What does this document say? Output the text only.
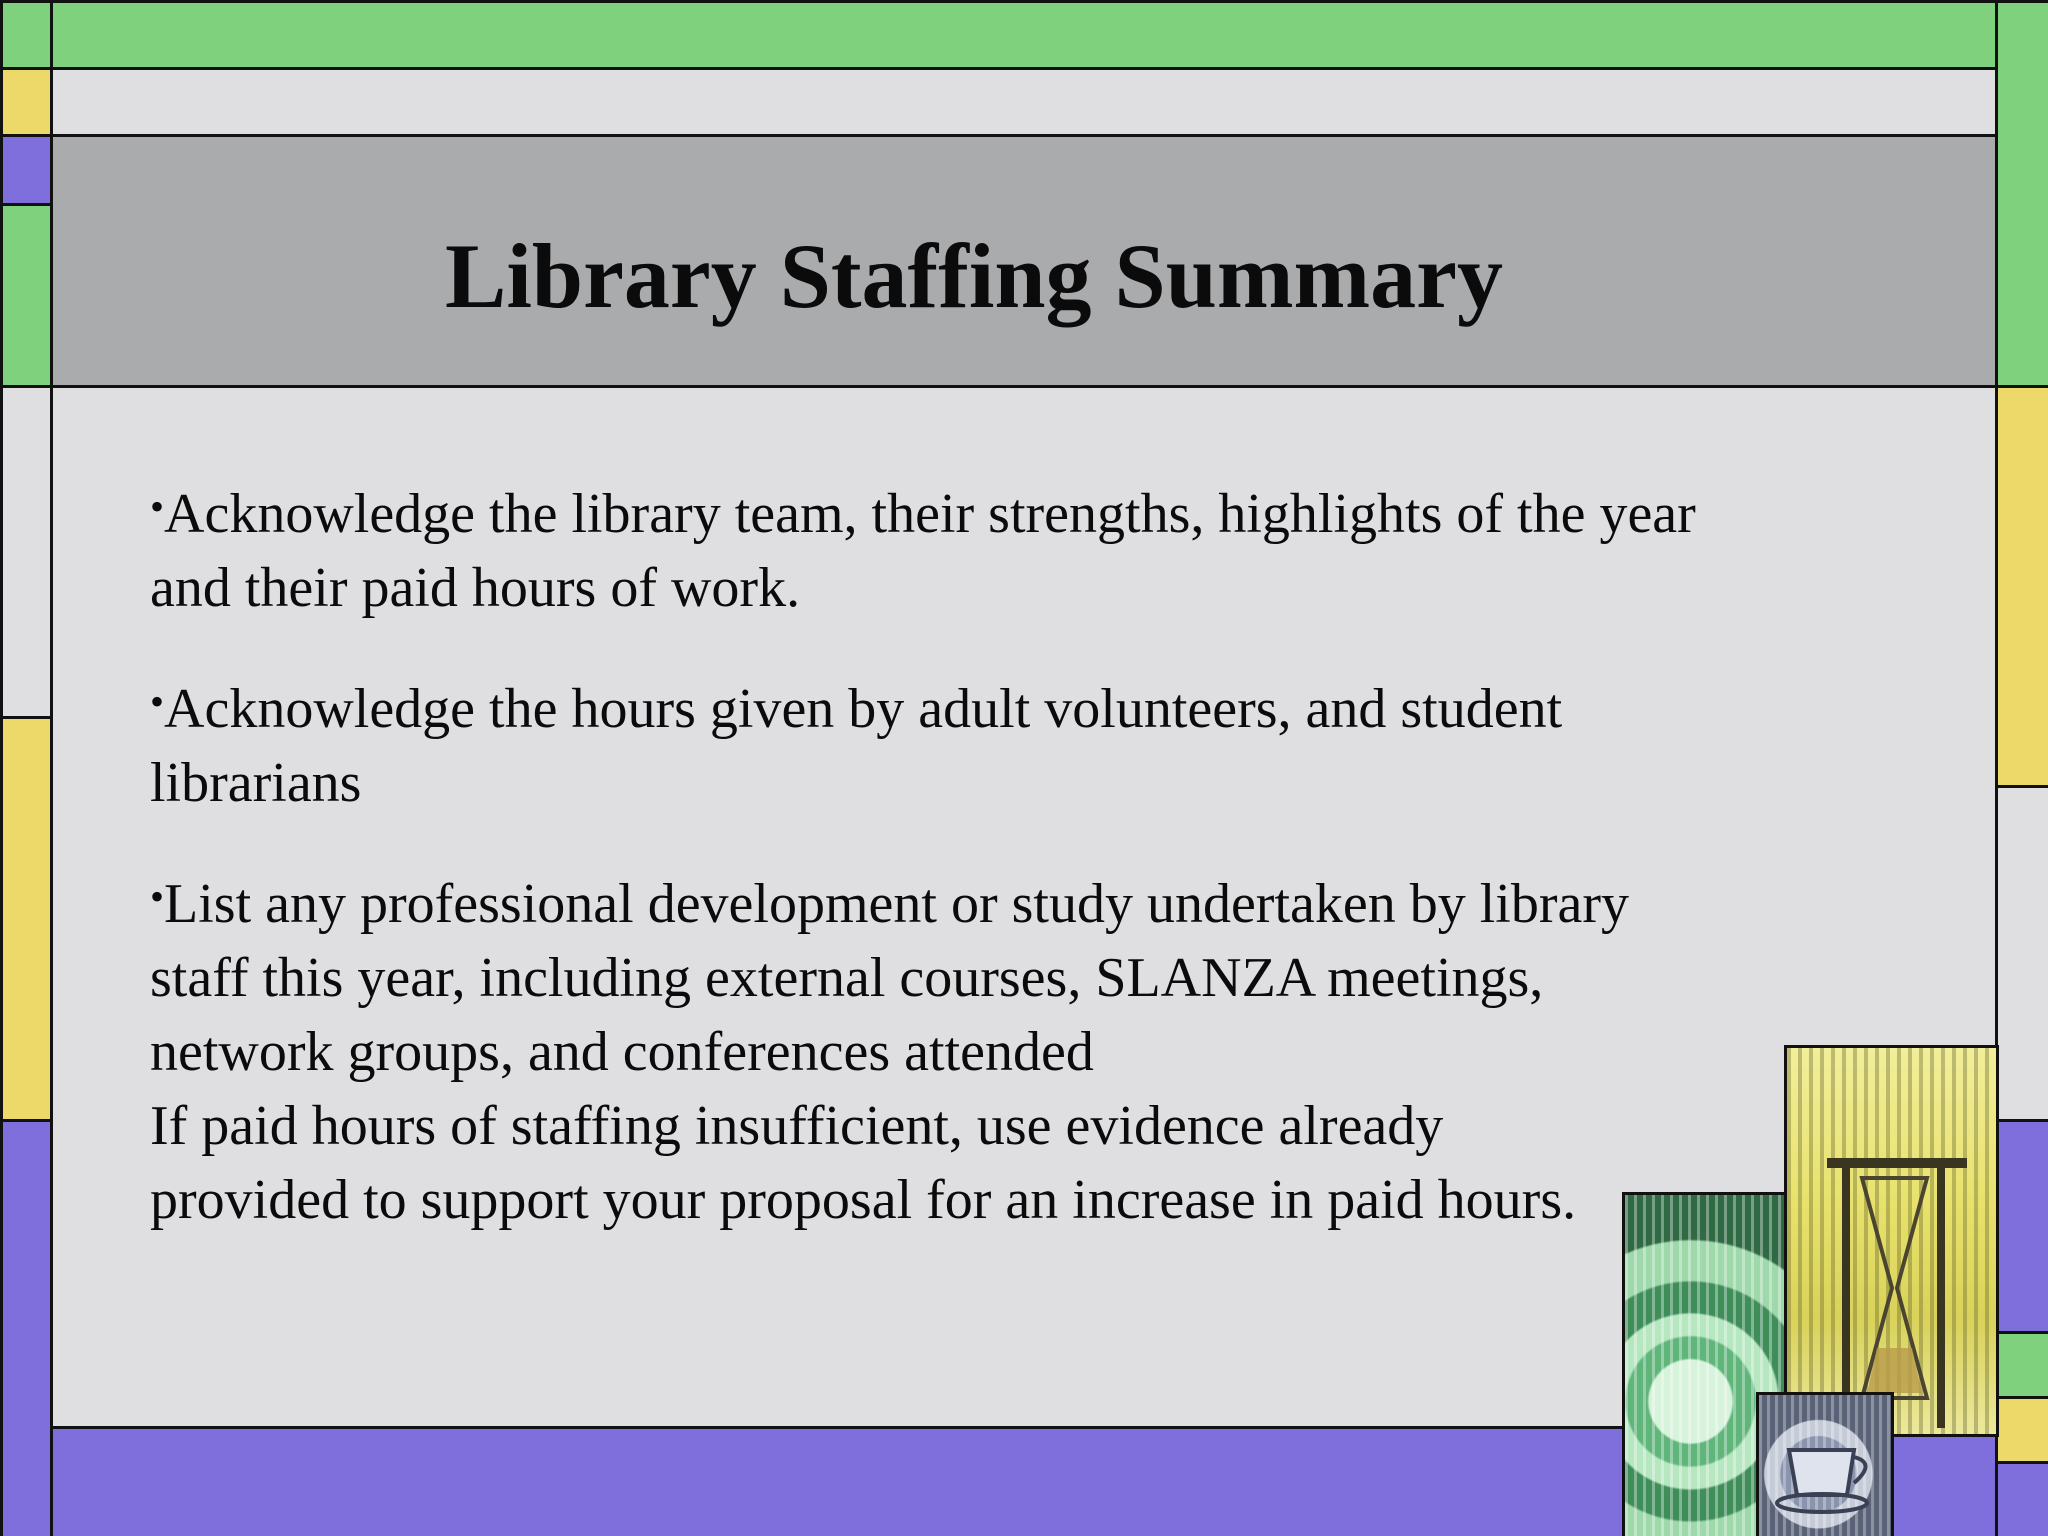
Library Staffing Summary

•Acknowledge the library team, their strengths, highlights of the year and their paid hours of work.

•Acknowledge the hours given by adult volunteers, and student librarians

•List any professional development or study undertaken by library staff this year, including external courses, SLANZA meetings, network groups, and conferences attended

If paid hours of staffing insufficient, use evidence already provided to support your proposal for an increase in paid hours.
